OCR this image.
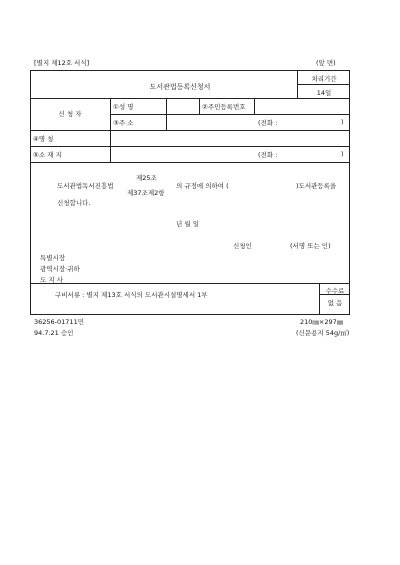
[별지 제12호 서식]	(앞 면)
도서관법등록신청서
처리기간
14일
신 청 자
①성 명	②주민등록번호
③주 소	(전화 :	)
④명 칭
⑤소 재 지	(전화 :	)
도서관법독서진흥법
제25조
제37조제2항
의 규정에 의하여 (	)도서관등록을
신청합니다.
년 월 일
신청인	(서명 또는 인)
특별시장
광역시장·귀하
도 지 사
구비서류 : 별지 제13호 서식의 도서관시설명세서 1부	수수료
없 음
36256-01711민	210㎜×297㎜
94.7.21 승인	(신문용지 54g/㎡)
